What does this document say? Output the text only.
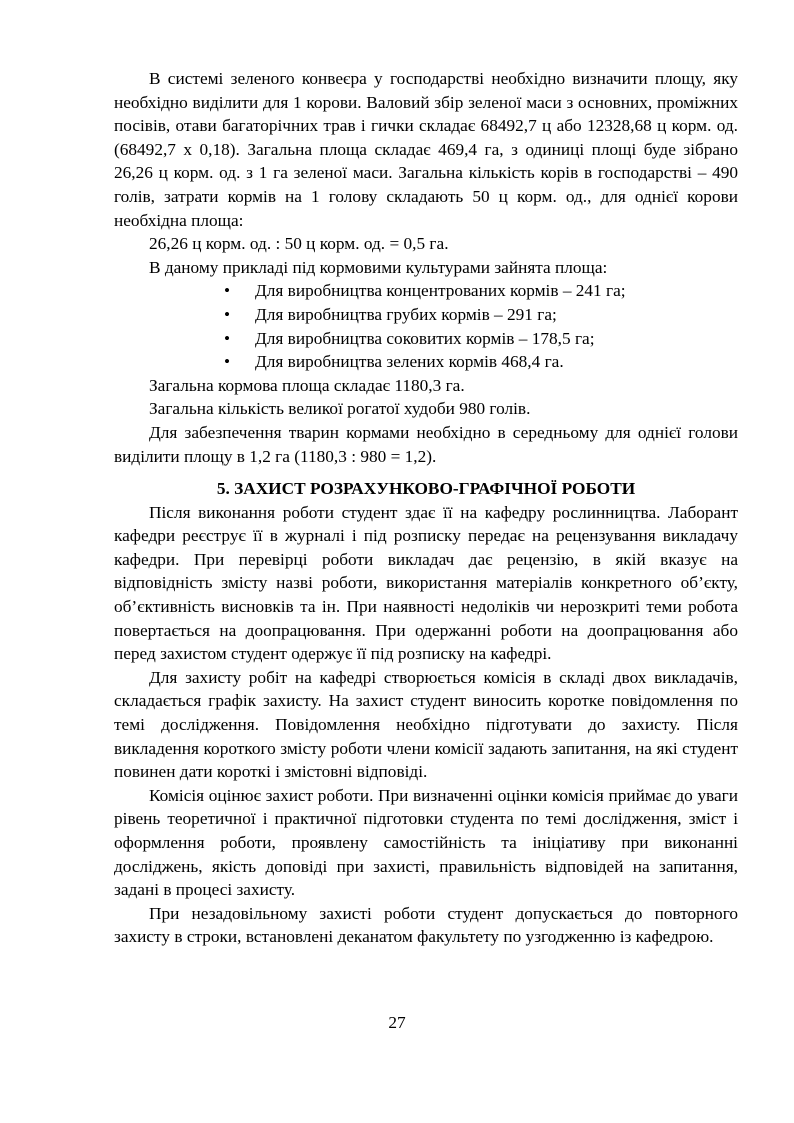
В системі зеленого конвеєра у господарстві необхідно визначити площу, яку необхідно виділити для 1 корови. Валовий збір зеленої маси з основних, проміжних посівів, отави багаторічних трав і гички складає 68492,7 ц або 12328,68 ц корм. од. (68492,7 х 0,18). Загальна площа складає 469,4 га, з одиниці площі буде зібрано 26,26 ц корм. од. з 1 га зеленої маси. Загальна кількість корів в господарстві – 490 голів, затрати кормів на 1 голову складають 50 ц корм. од., для однієї корови необхідна площа:

26,26 ц корм. од. : 50 ц корм. од. = 0,5 га.

В даному прикладі під кормовими культурами зайнята площа:

• Для виробництва концентрованих кормів – 241 га;
• Для виробництва грубих кормів – 291 га;
• Для виробництва соковитих кормів – 178,5 га;
• Для виробництва зелених кормів 468,4 га.

Загальна кормова площа складає 1180,3 га.

Загальна кількість великої рогатої худоби 980 голів.

Для забезпечення тварин кормами необхідно в середньому для однієї голови виділити площу в 1,2 га (1180,3 : 980 = 1,2).

5. ЗАХИСТ РОЗРАХУНКОВО-ГРАФІЧНОЇ РОБОТИ

Після виконання роботи студент здає її на кафедру рослинництва. Лаборант кафедри реєструє її в журналі і під розписку передає на рецензування викладачу кафедри. При перевірці роботи викладач дає рецензію, в якій вказує на відповідність змісту назві роботи, використання матеріалів конкретного об’єкту, об’єктивність висновків та ін. При наявності недоліків чи нерозкриті теми робота повертається на доопрацювання. При одержанні роботи на доопрацювання або перед захистом студент одержує її під розписку на кафедрі.

Для захисту робіт на кафедрі створюється комісія в складі двох викладачів, складається графік захисту. На захист студент виносить коротке повідомлення по темі дослідження. Повідомлення необхідно підготувати до захисту. Після викладення короткого змісту роботи члени комісії задають запитання, на які студент повинен дати короткі і змістовні відповіді.

Комісія оцінює захист роботи. При визначенні оцінки комісія приймає до уваги рівень теоретичної і практичної підготовки студента по темі дослідження, зміст і оформлення роботи, проявлену самостійність та ініціативу при виконанні досліджень, якість доповіді при захисті, правильність відповідей на запитання, задані в процесі захисту.

При незадовільному захисті роботи студент допускається до повторного захисту в строки, встановлені деканатом факультету по узгодженню із кафедрою.

27
